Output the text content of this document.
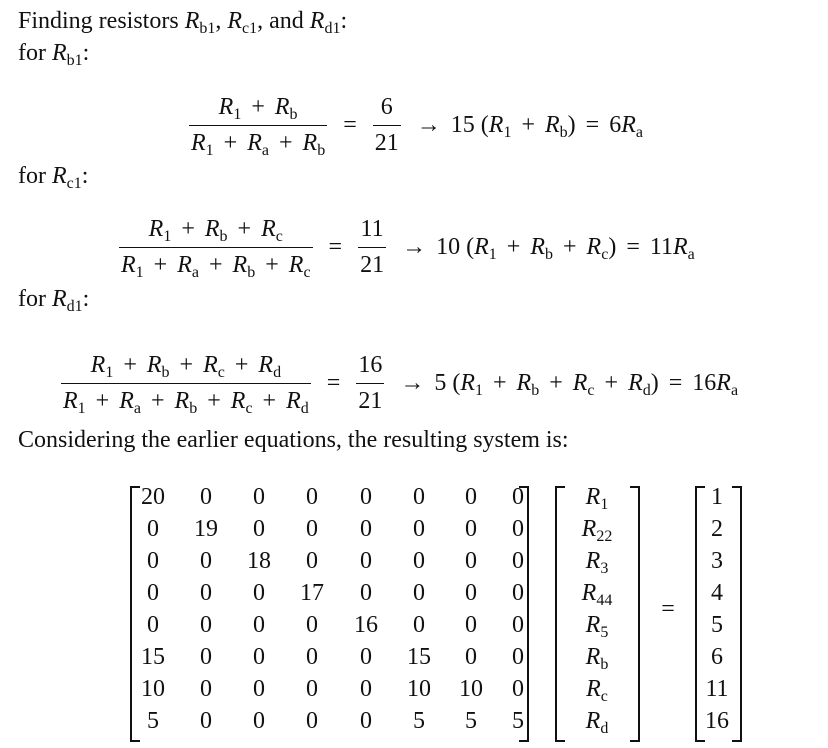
Finding resistors $R_{b1}$, $R_{c1}$, and $R_{d1}$:
for $R_{b1}$:
$\frac{R_1 + R_b}{R_1 + R_a + R_b} = \frac{6}{21} \to 15$ $(R_1 + R_b) = 6R_a$
for $R_{c1}$:
$\frac{R_1 + R_b + R_c}{R_1 + R_a + R_b + R_c} = \frac{11}{21} \to 10$ $(R_1 + R_b + R_c) = 11R_a$
for $R_{d1}$:
$\frac{R_1 + R_b + R_c + R_d}{R_1 + R_a + R_b + R_c + R_d} = \frac{16}{21} \to 5$ $(R_1 + R_b + R_c + R_d) = 16R_a$
Considering the earlier equations, the resulting system is:
20	0	0	0	0	0	0	0
0	19	0	0	0	0	0	0
0	0	18	0	0	0	0	0
0	0	0	17	0	0	0	0
0	0	0	0	16	0	0	0
15	0	0	0	0	15	0	0
10	0	0	0	0	10	10	0
5	0	0	0	0	5	5	5
$R_1$
$R_{22}$
$R_3$
$R_{44}$
$R_5$
$R_b$
$R_c$
$R_d$
=
1
2
3
4
5
6
11
16
